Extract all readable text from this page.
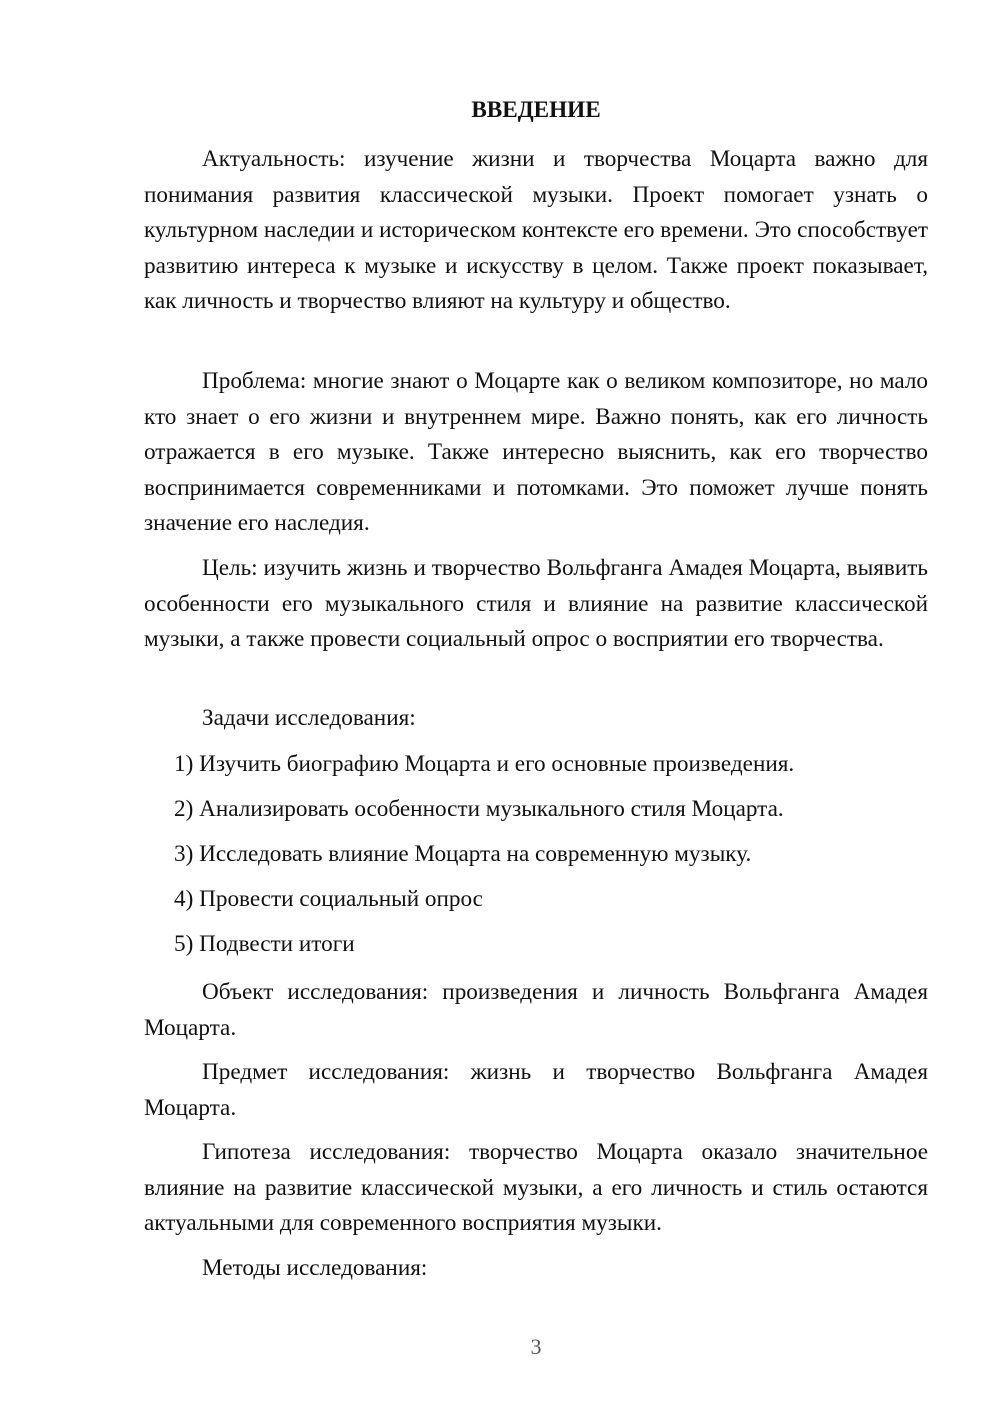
ВВЕДЕНИЕ

Актуальность: изучение жизни и творчества Моцарта важно для понимания развития классической музыки. Проект помогает узнать о культурном наследии и историческом контексте его времени. Это способствует развитию интереса к музыке и искусству в целом. Также проект показывает, как личность и творчество влияют на культуру и общество.

Проблема: многие знают о Моцарте как о великом композиторе, но мало кто знает о его жизни и внутреннем мире. Важно понять, как его личность отражается в его музыке. Также интересно выяснить, как его творчество воспринимается современниками и потомками. Это поможет лучше понять значение его наследия.

Цель: изучить жизнь и творчество Вольфганга Амадея Моцарта, выявить особенности его музыкального стиля и влияние на развитие классической музыки, а также провести социальный опрос о восприятии его творчества.

Задачи исследования:

1) Изучить биографию Моцарта и его основные произведения.

2) Анализировать особенности музыкального стиля Моцарта.

3) Исследовать влияние Моцарта на современную музыку.

4) Провести социальный опрос

5) Подвести итоги

Объект исследования: произведения и личность Вольфганга Амадея Моцарта.

Предмет исследования: жизнь и творчество Вольфганга Амадея Моцарта.

Гипотеза исследования: творчество Моцарта оказало значительное влияние на развитие классической музыки, а его личность и стиль остаются актуальными для современного восприятия музыки.

Методы исследования:

3
